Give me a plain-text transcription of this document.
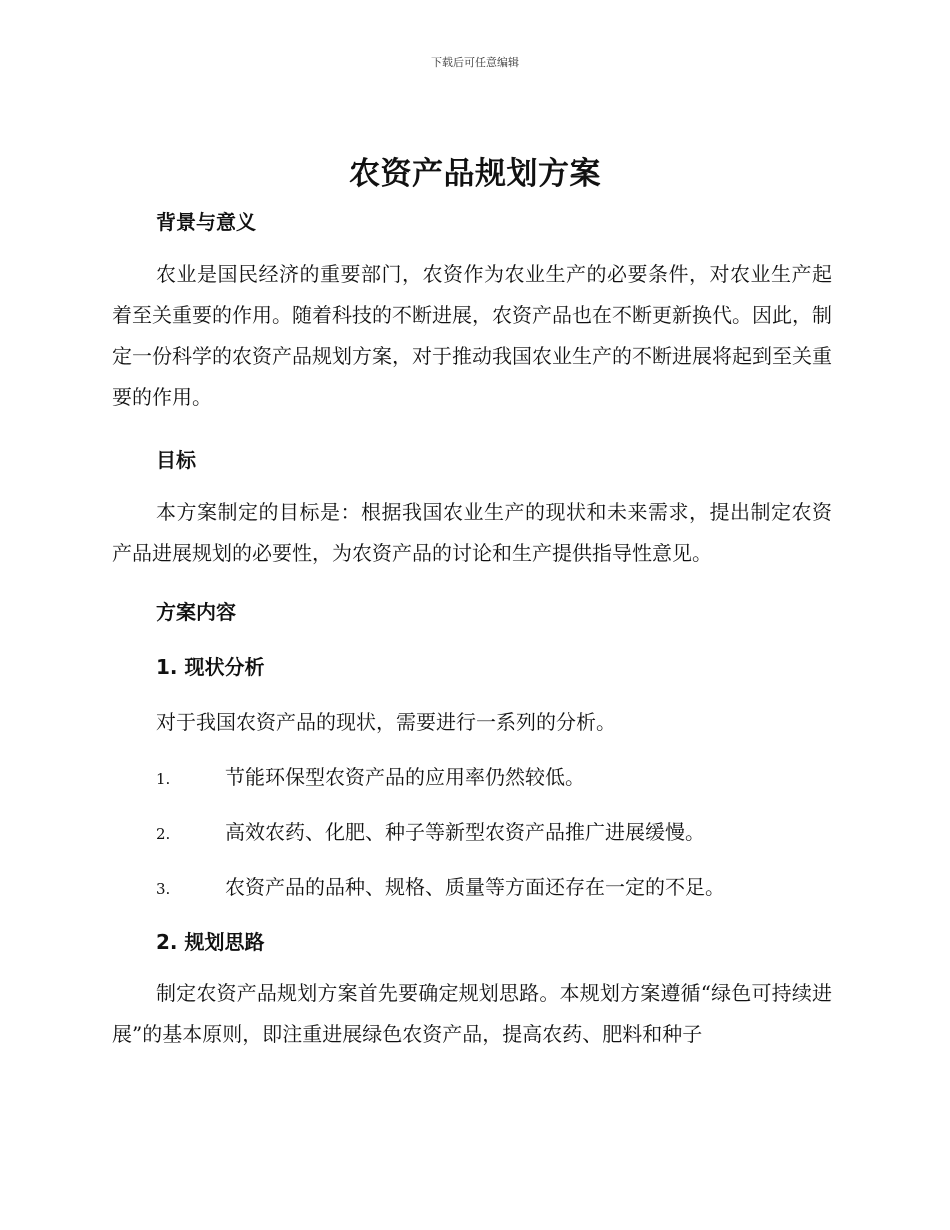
下载后可任意编辑
农资产品规划方案
背景与意义

农业是国民经济的重要部门，农资作为农业生产的必要条件，对农业生产起着至关重要的作用。随着科技的不断进展，农资产品也在不断更新换代。因此，制定一份科学的农资产品规划方案，对于推动我国农业生产的不断进展将起到至关重要的作用。

目标

本方案制定的目标是：根据我国农业生产的现状和未来需求，提出制定农资产品进展规划的必要性，为农资产品的讨论和生产提供指导性意见。

方案内容
1. 现状分析

对于我国农资产品的现状，需要进行一系列的分析。

1.	节能环保型农资产品的应用率仍然较低。
2.	高效农药、化肥、种子等新型农资产品推广进展缓慢。
3.	农资产品的品种、规格、质量等方面还存在一定的不足。
2. 规划思路

制定农资产品规划方案首先要确定规划思路。本规划方案遵循“绿色可持续进展”的基本原则，即注重进展绿色农资产品，提高农药、肥料和种子
